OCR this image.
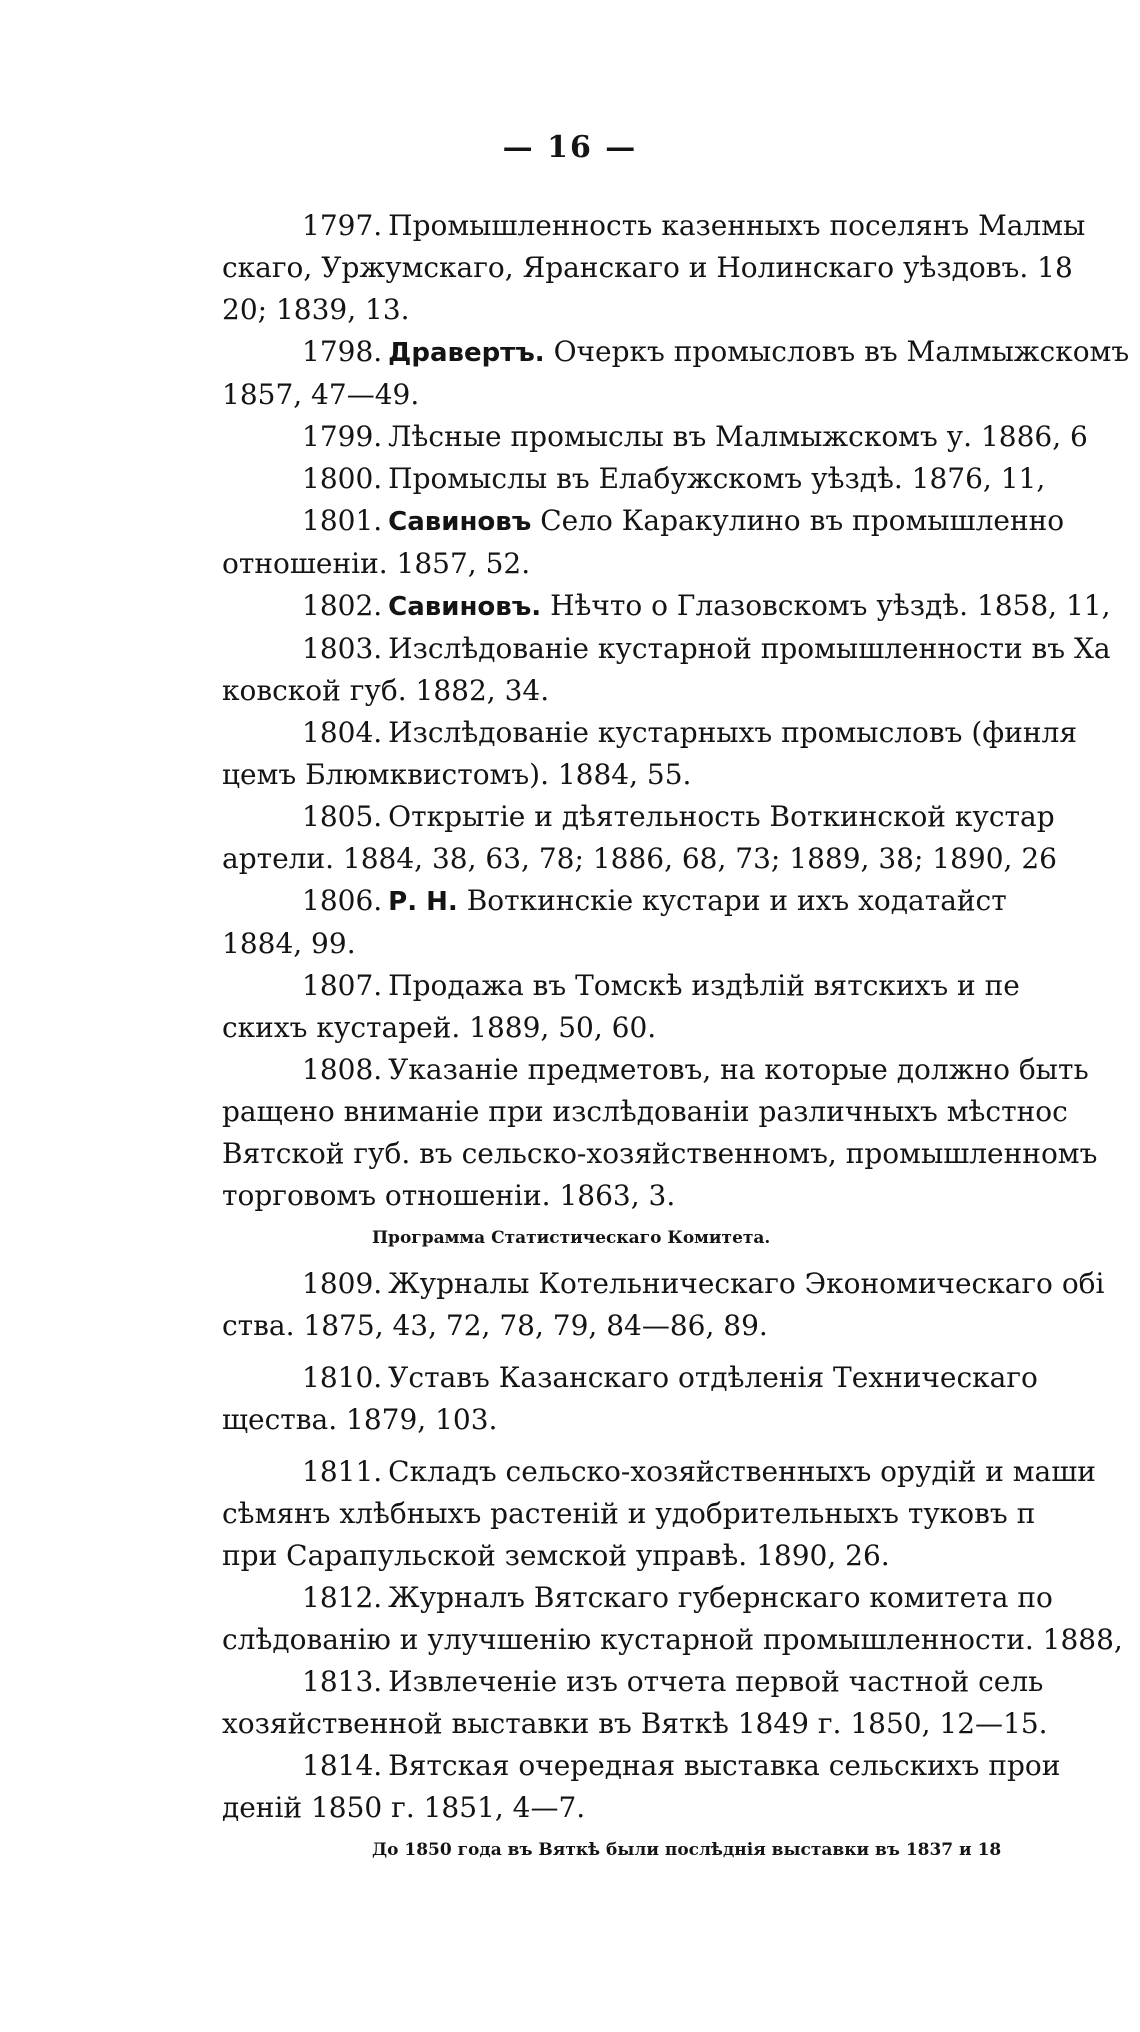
— 16 —
1797. Промышленность казенныхъ поселянъ Малмы
скаго, Уржумскаго, Яранскаго и Нолинскаго уѣздовъ. 18
20; 1839, 13.
1798. Дравертъ. Очеркъ промысловъ въ Малмыжскомъ
1857, 47—49.
1799. Лѣсные промыслы въ Малмыжскомъ у. 1886, 6
1800. Промыслы въ Елабужскомъ уѣздѣ. 1876, 11,
1801. Савиновъ Село Каракулино въ промышленно
отношеніи. 1857, 52.
1802. Савиновъ. Нѣчто о Глазовскомъ уѣздѣ. 1858, 11,
1803. Изслѣдованіе кустарной промышленности въ Ха
ковской губ. 1882, 34.
1804. Изслѣдованіе кустарныхъ промысловъ (финля
цемъ Блюмквистомъ). 1884, 55.
1805. Открытіе и дѣятельность Воткинской кустар
артели. 1884, 38, 63, 78; 1886, 68, 73; 1889, 38; 1890, 26
1806. Р. Н. Воткинскіе кустари и ихъ ходатайст
1884, 99.
1807. Продажа въ Томскѣ издѣлій вятскихъ и пе
скихъ кустарей. 1889, 50, 60.
1808. Указаніе предметовъ, на которые должно быть
ращено вниманіе при изслѣдованіи различныхъ мѣстнос
Вятской губ. въ сельско-хозяйственномъ, промышленномъ
торговомъ отношеніи. 1863, 3.
Программа Статистическаго Комитета.
1809. Журналы Котельническаго Экономическаго обі
ства. 1875, 43, 72, 78, 79, 84—86, 89.
1810. Уставъ Казанскаго отдѣленія Техническаго
щества. 1879, 103.
1811. Складъ сельско-хозяйственныхъ орудій и маши
сѣмянъ хлѣбныхъ растеній и удобрительныхъ туковъ п
при Сарапульской земской управѣ. 1890, 26.
1812. Журналъ Вятскаго губернскаго комитета по
слѣдованію и улучшенію кустарной промышленности. 1888,
1813. Извлеченіе изъ отчета первой частной сель
хозяйственной выставки въ Вяткѣ 1849 г. 1850, 12—15.
1814. Вятская очередная выставка сельскихъ прои
деній 1850 г. 1851, 4—7.
До 1850 года въ Вяткѣ были послѣднія выставки въ 1837 и 18
